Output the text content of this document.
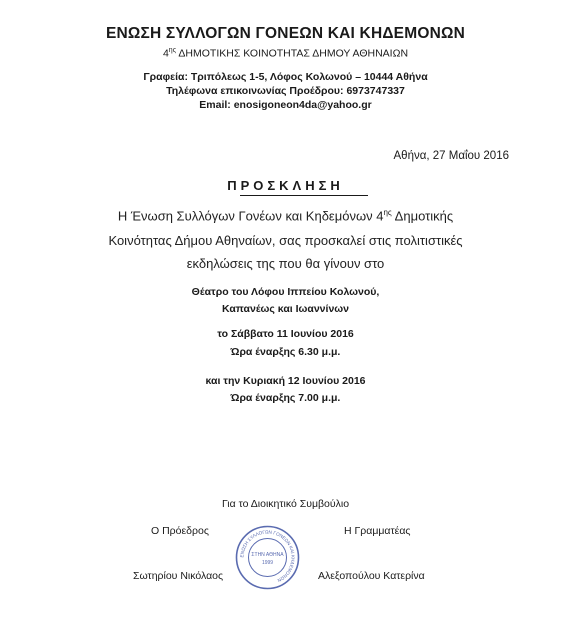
ΕΝΩΣΗ ΣΥΛΛΟΓΩΝ ΓΟΝΕΩΝ ΚΑΙ ΚΗΔΕΜΟΝΩΝ
$4^{\eta\varsigma}$ ΔΗΜΟΤΙΚΗΣ ΚΟΙΝΟΤΗΤΑΣ ΔΗΜΟΥ ΑΘΗΝΑΙΩΝ
Γραφεία: Τριπόλεως 1-5, Λόφος Κολωνού – 10444 Αθήνα
Τηλέφωνα επικοινωνίας Προέδρου: 6973747337
Email: enosigoneon4da@yahoo.gr
Αθήνα, 27 Μαΐου 2016
ΠΡΟΣΚΛΗΣΗ
Η Ένωση Συλλόγων Γονέων και Κηδεμόνων $4^{\eta\varsigma}$ Δημοτικής
Κοινότητας Δήμου Αθηναίων, σας προσκαλεί στις πολιτιστικές
εκδηλώσεις της που θα γίνουν στο
Θέατρο του Λόφου Ιππείου Κολωνού,
Καπανέως και Ιωαννίνων
το Σάββατο 11 Ιουνίου 2016
Ώρα έναρξης 6.30 μ.μ.
και την Κυριακή 12 Ιουνίου 2016
Ώρα έναρξης 7.00 μ.μ.
Για το Διοικητικό Συμβούλιο
Ο Πρόεδρος	Η Γραμματέας
Σωτηρίου Νικόλαος	Αλεξοπούλου Κατερίνα
ΕΝΩΣΗ ΣΥΛΛΟΓΩΝ ΓΟΝΕΩΝ ΚΑΙ ΚΗΔΕΜΟΝΩΝ
ΣΤΗΝ ΑΘΗΝΑ
1999
